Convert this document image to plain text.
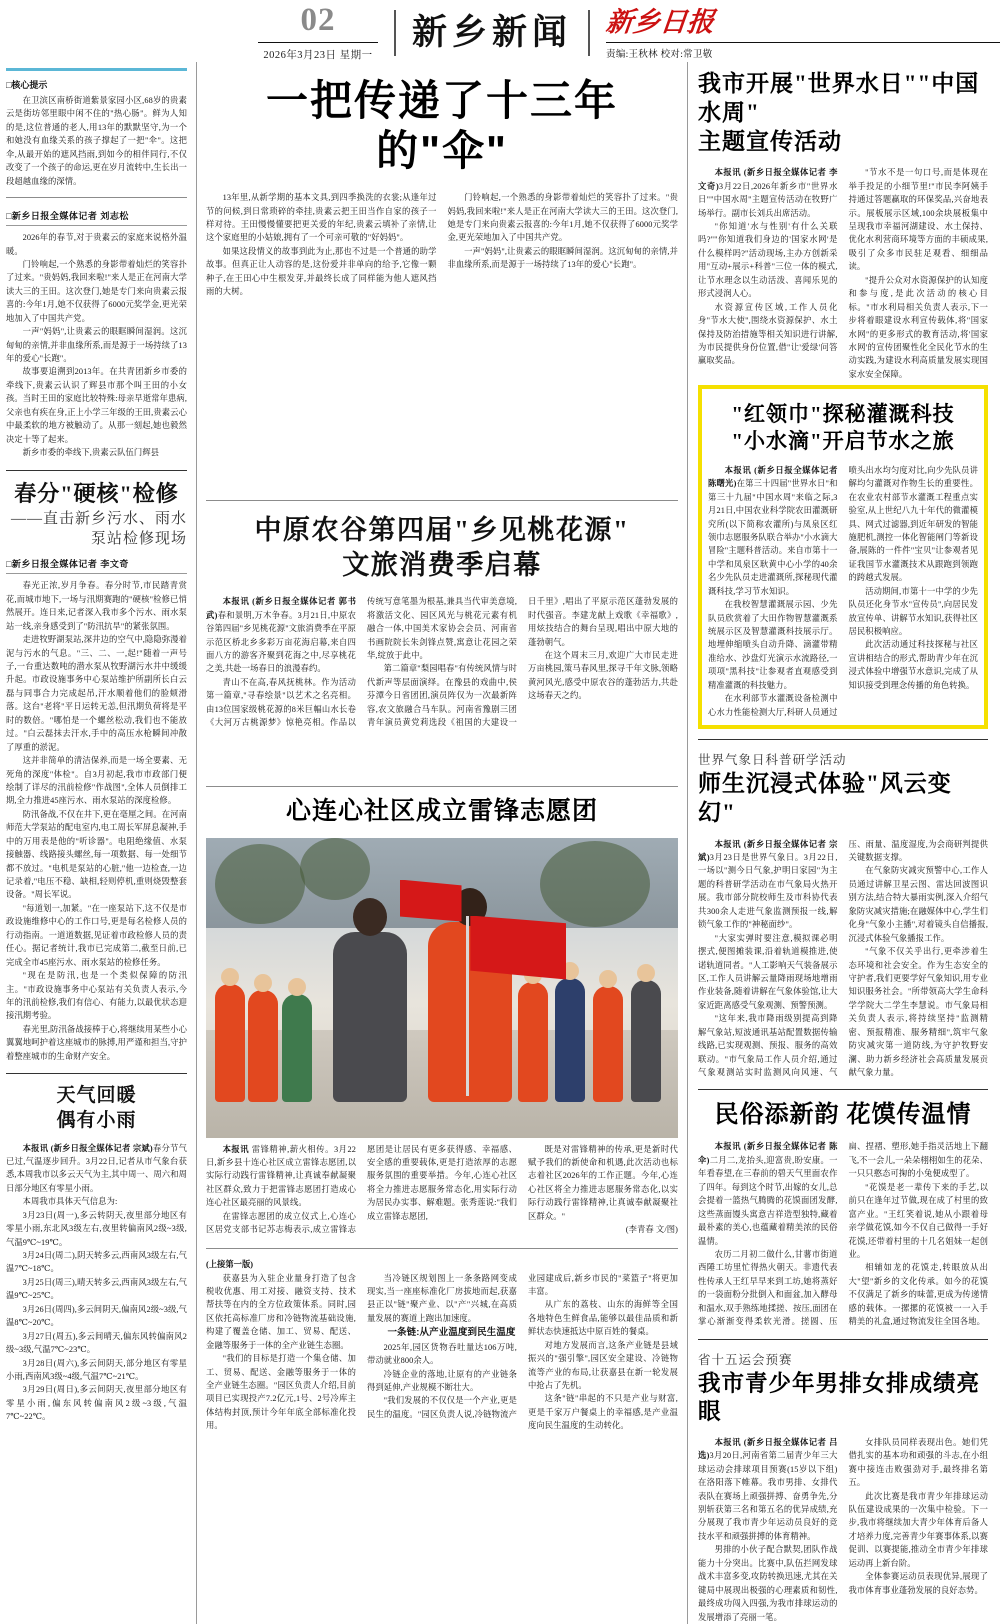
02
2026年3月23日 星期一
新乡新闻 新乡日报
责编:王秋林 校对:常卫敬
□核心提示

在卫滨区南桥街道紫景家园小区,68岁的贵素云是街坊邻里眼中闲不住的"热心肠"。鲜为人知的是,这位普通的老人,用13年的默默坚守,为一个和她没有血缘关系的孩子撑起了一把"伞"。这把伞,从最开始的遮风挡雨,到如今的相伴同行,不仅改变了一个孩子的命运,更在岁月流转中,生长出一段超越血缘的深情。

□新乡日报全媒体记者 刘志松

2026年的春节,对于贵素云的家庭来说格外温暖。

门铃响起,一个熟悉的身影带着灿烂的笑容扑了过来。"贵妈妈,我回来啦!"来人是正在河南大学读大三的王田。这次登门,她是专门来向贵素云报喜的:今年1月,她不仅获得了6000元奖学金,更光荣地加入了中国共产党。

一声"妈妈",让贵素云的眼眶瞬间湿润。这沉甸甸的亲情,并非血缘所系,而是源于一场持续了13年的爱心"长跑"。

故事要追溯到2013年。在共青团新乡市委的牵线下,贵素云认识了辉县市那个叫王田的小女孩。当时王田的家庭比较特殊:母亲早逝常年患病,父亲也有疾在身,正上小学三年级的王田,贵素云心中最柔软的地方被触动了。从那一刻起,她也毅然决定十等了起来。

新乡市委的牵线下,贵素云队伍门辉县

春分"硬核"检修
——直击新乡污水、雨水泵站检修现场
□新乡日报全媒体记者 李文奇

春光正浓,岁月争春。春分时节,市民踏青赏花,而城市地下,一场与汛期赛跑的"硬核"检修已悄然展开。连日来,记者深入我市多个污水、雨水泵站一线,亲身感受到了"防汛抗旱"的紧张氛围。

走进牧野湖泵站,深井边的空气中,隐隐弥漫着泥与污水的气息。"三、二、一,起!"随着一声号子,一台重达数吨的潜水泵从牧野湖污水井中缓缓升起。市政设施事务中心泵站维护所副所长白云磊与同事合力完成起吊,汗水顺着他们的脸颊滑落。这台"老将"平日运转无恙,但汛期负荷将是平时的数倍。"哪怕是一个螺丝松动,我们也不能放过。"白云磊抹去汗水,手中的高压水枪瞬间冲散了厚重的淤泥。

这并非简单的清洁保养,而是一场全要素、无死角的深度"体检"。自3月初起,我市市政部门便绘制了详尽的汛前检修"作战图",全体人员倒排工期,全力推进45座污水、雨水泵站的深度检修。

防汛备战,不仅在井下,更在毫厘之间。在河南师范大学泵站的配电室内,电工周长军屏息凝神,手中的万用表是他的"听诊器"。电阻绝缘值、水泵接触器、线路接头螺丝,每一项数据、每一处细节都不放过。"电机是泵站的心脏,"他一边检查,一边记录着,"电压不稳、缺相,轻则停机,重则烧毁整套设备。"周长军说。

"每道划一,加紧。"在一座泵站下,这不仅是市政设施维修中心的工作口号,更是每名检修人员的行动指南。一道道数据,见证着市政检修人员的责任心。据记者统计,我市已完成第二,截至日前,已完成全市45座污水、雨水泵站的检修任务。

"现在是防汛,也是一个类似保障的防汛主。"市政设施事务中心泵站有关负责人表示,今年的汛前检修,我们有信心、有能力,以最优状态迎接汛期考验。

春光里,防汛备战接棒于心,将继续用某些小心翼翼地呵护着这座城市的脉搏,用严谨和担当,守护着整座城市的生命财产安全。

天气回暖
偶有小雨

本报讯 (新乡日报全媒体记者 宗斌)春分节气已过,气温逐步回升。3月22日,记者从市气象台获悉,本周我市以多云天气为主,其中周一、周六和周日部分地区有零星小雨。

本周我市具体天气信息为:

3月23日(周一),多云转阴天,夜里部分地区有零星小雨,东北风3级左右,夜里转偏南风2级~3级,气温9℃~19℃。

3月24日(周二),阴天转多云,西南风3级左右,气温7℃~18℃。

3月25日(周三),晴天转多云,西南风3级左右,气温9℃~25℃。

3月26日(周四),多云间阴天,偏南风2级~3级,气温8℃~20℃。

3月27日(周五),多云间晴天,偏东风转偏南风2级~3级,气温7℃~23℃。

3月28日(周六),多云间阴天,部分地区有零星小雨,西南风3级~4级,气温7℃~21℃。

3月29日(周日),多云间阴天,夜里部分地区有零星小雨,偏东风转偏南风2级~3级,气温7℃~22℃。

一把传递了十三年的"伞"

13年里,从新学期的基本文具,到四季换洗的衣裳;从逢年过节的问候,到日常琐碎的牵挂,贵素云把王田当作自家的孩子一样对待。王田慢慢懂要把更关爱的年纪,贵素云填补了亲情,让这个家庭里的小姑娘,拥有了一个可亲可敬的"好妈妈"。

如果这段情义的故事到此为止,那也不过是一个普通的助学故事。但真正让人动容的是,这份爱并非单向的给予,它像一颗种子,在王田心中生根发芽,并最终长成了同样能为他人遮风挡雨的大树。

门铃响起,一个熟悉的身影带着灿烂的笑容扑了过来。"贵妈妈,我回来啦!"来人是正在河南大学读大三的王田。这次登门,她是专门来向贵素云报喜的:今年1月,她不仅获得了6000元奖学金,更光荣地加入了中国共产党。

一声"妈妈",让贵素云的眼眶瞬间湿润。这沉甸甸的亲情,并非血缘所系,而是源于一场持续了13年的爱心"长跑"。

中原农谷第四届"乡见桃花源"
文旅消费季启幕

本报讯 (新乡日报全媒体记者 郭书武)春和景明,万木争春。3月21日,中原农谷第四届"乡见桃花源"文旅消费季在平原示范区桥北乡多彩万亩花海启幕,来自四面八方的游客齐聚到花海之中,尽享桃花之美,共赴一场春日的浪漫春约。

青山不在高,春风抚桃林。作为活动第一篇章,"寻春绘景"以艺术之名亮相。由13位国家级桃花源的8米巨幅山水长卷《大河万古桃源梦》惊艳亮相。作品以传统写意笔墨为根基,兼具当代审美意境,将激活文化、园区风光与桃花元素有机融合一体,中国美术家协会会员、河南省书画院院长朱剑锋点赞,寓意让花园之荣华,绽放于此中。

第二篇章"梨园唱春"有传统风情与时代新声等层面演绎。在豫县的戏曲中,侯芬潭今日省团团,演员阵仅为一次最新阵容,农文旅融合马车队。河南省豫剧三团青年演员黄党莉选段《祖国的大建设一日千里》,唱出了平原示范区蓬勃发展的时代强音。李建龙献上戏歌《幸福歌》,用炫技结合的舞台呈现,唱出中原大地的蓬勃朝气。

在这个周末三月,欢迎广大市民走进万亩桃园,策马春风里,探寻千年文脉,领略黄河风光,感受中原农谷的蓬勃活力,共赴这场春天之约。

心连心社区成立雷锋志愿团

本报讯 雷锋精神,薪火相传。3月22日,新乡县十连心社区成立雷锋志愿团,以实际行动践行雷锋精神,让真诚奉献凝聚社区群众,致力于把雷锋志愿团打造成心连心社区最亮丽的风景线。

在雷锋志愿团的成立仪式上,心连心区居党支部书记苏志梅表示,成立雷锋志愿团是让居民有更多获得感、幸福感、安全感的重要载体,更是打造浓厚的志愿服务氛围的重要举措。今年,心连心社区将全力推进志愿服务常态化,用实际行动为居民办实事、解难题。张秀莲说:"我们成立雷锋志愿团,

既是对雷锋精神的传承,更是新时代赋予我们的新使命和机遇,此次活动也标志着社区2026年的工作正题。今年,心连心社区将全力推进志愿服务常态化,以实际行动践行雷锋精神,让真诚奉献凝聚社区群众。"

(李青春 文/图)

(上接第一版)

获嘉县为入驻企业量身打造了包含税收优惠、用工对接、融资支持、技术帮扶等在内的全方位政策体系。同时,园区依托高标准厂房和冷链物流基础设施,构建了覆盖仓储、加工、贸易、配送、金融等服务于一体的全产业链生态圈。

"我们的目标是打造一个集仓储、加工、贸易、配送、金融等服务于一体的全产业链生态圈。"园区负责人介绍,目前项目已实现投产7.2亿元,1号、2号冷库主体结构封顶,预计今年年底全部标准化投用。

当冷链区规划图上一条条路网变成现实,当一座座标准化厂房拔地而起,获嘉县正以"链"聚产业、以"产"兴城,在高质量发展的赛道上跑出加速度。

一条链:从产业温度到民生温度

2025年,园区货物吞吐量达106万吨,带动就业800余人。

冷链企业的落地,让原有的产业链条得到延伸,产业规模不断壮大。

"我们发展的不仅仅是一个产业,更是民生的温度。"园区负责人说,冷链物流产业园建成后,新乡市民的"菜篮子"将更加丰富。

从广东的荔枝、山东的海鲜等全国各地特色生鲜食品,能够以最佳品质和新鲜状态快速抵达中原百姓的餐桌。

对地方发展而言,这条产业链是县域振兴的"强引擎",园区安全建设、冷链物流等产业的布局,让获嘉县在新一轮发展中抢占了先机。

这条"链"串起的不只是产业与财富,更是千家万户餐桌上的幸福感,是产业温度向民生温度的生动转化。

我市开展"世界水日""中国水周"
主题宣传活动

本报讯 (新乡日报全媒体记者 李文奇)3月22日,2026年新乡市"世界水日""中国水周"主题宣传活动在牧野广场举行。副市长刘兵出席活动。

"你知道'水与性别'有什么关联吗?""你知道我们身边的'国家水网'是什么模样吗?"活动现场,主办方创新采用"互动+展示+科普"三位一体的模式,让节水理念以生动活泼、喜闻乐见的形式浸润人心。

水资源宣传区域,工作人员化身"节水大使",围绕水资源保护、水土保持及防治措施等相关知识进行讲解,为市民提供身份位置,借"让'爱绿'问答赢取奖品。

"节水不是一句口号,而是体现在举手投足的小细节里!"市民李阿姨手持通过答题赢取的环保奖品,兴奋地表示。展板展示区域,100余块展板集中呈现我市幸福河湖建设、水土保持、优化水利营商环境等方面的丰硕成果,吸引了众多市民驻足观看、细细品读。

"提升公众对水资源保护的认知度和参与度,是此次活动的核心目标。"市水利局相关负责人表示,下一步将着眼建设水利宣传载体,将"国家水网"的更多形式的教育活动,将'国家水网'的宣传团聚性化全民化节水的生动实践,为建设水利高质量发展实现国家水安全保障。

"红领巾"探秘灌溉科技
"小水滴"开启节水之旅

本报讯 (新乡日报全媒体记者 陈曙光)在第三十四届"世界水日"和第三十九届"中国水周"来临之际,3月21日,中国农业科学院农田灌溉研究所(以下简称农灌所)与凤泉区红领巾志愿服务队联合举办"小水滴大冒险"主题科普活动。来自市第十一中学和凤泉区耿黄中心小学的40余名少先队员走进灌溉所,探秘现代灌溉科技,学习节水知识。

在我校智慧灌溉展示园、少先队员欣赏着了大田作物智慧灌溉系统展示区及智慧灌溉科技展示厅。地埋伸缩喷头自动升降、滴灌带精准给水、沙盘灯光演示水流路径,一项项"黑科技"让参观者直观感受到精准灌溉的科技魅力。

在水利部节水灌溉设备检测中心水力性能检测大厅,科研人员通过喷头出水均匀度对比,向少先队员讲解均匀灌溉对作物生长的重要性。在农业农村部节水灌溉工程重点实验室,从上世纪八九十年代的微灌模具、网式过滤器,到近年研发的智能施肥机,测控一体化智能闸门等新设备,展陈的一件件"宝贝"让参观者见证我国节水灌溉技术从跟跑到领跑的跨越式发展。

活动期间,市第十一中学的少先队员还化身节水"宣传员",向居民发放宣传单、讲解节水知识,获得社区居民积极响应。

此次活动通过科技探秘与社区宣讲相结合的形式,帮助青少年在沉浸式体验中增强节水意识,完成了从知识接受到理念传播的角色转换。

世界气象日科普研学活动
师生沉浸式体验"风云变幻"

本报讯 (新乡日报全媒体记者 宗斌)3月23日是世界气象日。3月22日,一场以"测今日气象,护明日家园"为主题的科普研学活动在市气象局火热开展。我市部分院校师生及市科协代表共300余人走进气象监测预报一线,解锁气象工作的"神秘面纱"。

"大家实弹时要注意,模拟课必明摆式,便图摊装课,沿着轨道模推进,使诺轨道同者。"人工影响天气装备展示区,工作人员讲解云量降雨现场地增雨作业装备,随着讲解在气象体验馆,让大家近距离感受气象观测、预警预测。

"这年来,我市降雨级别提高到降解气象站,短波通讯基站配置数据传输线路,已实现观测、预报、服务的高效联动。"市气象局工作人员介绍,通过气象观测站实时监测风向风速、气压、雨量、温度湿度,为会商研判提供关键数据支撑。

在气象防灾减灾预警中心,工作人员通过讲解卫星云图、雷达回波图识别方法,结合特大暴雨实例,深入介绍气象防灾减灾措施;在融媒体中心,学生们化身"气象小主播",对着镜头自信播报,沉浸式体验气象播报工作。

"气象不仅关乎出行,更牵涉着生态环境和社会安全。作为生态安全的守护者,我们更要学好气象知识,用专业知识服务社会。"所带领高大学生命科学学院大二学生李慧说。市气象局相关负责人表示,将持续坚持"监测精密、预报精准、服务精细",筑牢气象防灾减灾第一道防线,为守护牧野安澜、助力新乡经济社会高质量发展贡献气象力量。

民俗添新韵 花馍传温情

本报讯 (新乡日报全媒体记者 陈伞)二月二,龙抬头,迎富贵,盼安康。一年看春望,在三春前的碧天气里面农作了四年。每到这个时节,出嫁的女儿,总会提着一篮热气腾腾的花馍面团发酵,这些蒸面馒头寓意吉祥造型独特,藏着最朴素的美心,也蕴藏着精美浓的民俗温情。

农历二月初二做什么,甘薯市街道西陲工坊里忙得热火朝天。非遗代表性传承人王红早早来到工坊,她将蒸好的一袋面粉分批倒入和面盆,加入酵母和温水,双手熟练地揉搓、按压,面团在掌心渐渐变得柔软光滑。搓圆、压扁、捏褶、塑形,她手指灵活地上下翻飞,不一会儿,一朵朵栩栩如生的花朵、一只只憨态可掬的小兔便成型了。

"花馍是老一辈传下来的手艺,以前只在逢年过节做,现在成了村里的致富产业。"王红笑着说,她从小跟着母亲学做花馍,如今不仅自己做得一手好花馍,还带着村里的十几名姐妹一起创业。

相辅如龙的花馍走,转眼放从出大"望"新乡的文化传承。如今的花馍不仅满足了新乡的味蕾,更成为传递情感的载体。一摞摞的花馍被一一入手精美的礼盒,通过物流发往全国各地。

省十五运会预赛
我市青少年男排女排成绩亮眼

本报讯 (新乡日报全媒体记者 吕选)3月20日,河南省第二届青少年三大球运动会排球项目预赛(15岁以下组)在洛阳落下帷幕。我市男排、女排代表队在赛场上顽强拼搏、奋勇争先,分别斩获第三名和第五名的优异成绩,充分展现了我市青少年运动员良好的竞技水平和顽强拼搏的体育精神。

男排的小伙子配合默契,团队作战能力十分突出。比赛中,队伍拦网发球战术丰富多变,攻防转换迅速,尤其在关键局中展现出极强的心理素质和韧性,最终成功闯入四强,为我市排球运动的发展增添了亮丽一笔。

女排队员同样表现出色。她们凭借扎实的基本功和顽强的斗志,在小组赛中接连击败强劲对手,最终排名第五。

此次比赛是我市青少年排球运动队伍建设成果的一次集中检验。下一步,我市将继续加大青少年体育后备人才培养力度,完善青少年赛事体系,以赛促训、以赛提能,推动全市青少年排球运动再上新台阶。

全体参赛运动员表现优异,展现了我市体育事业蓬勃发展的良好态势。
